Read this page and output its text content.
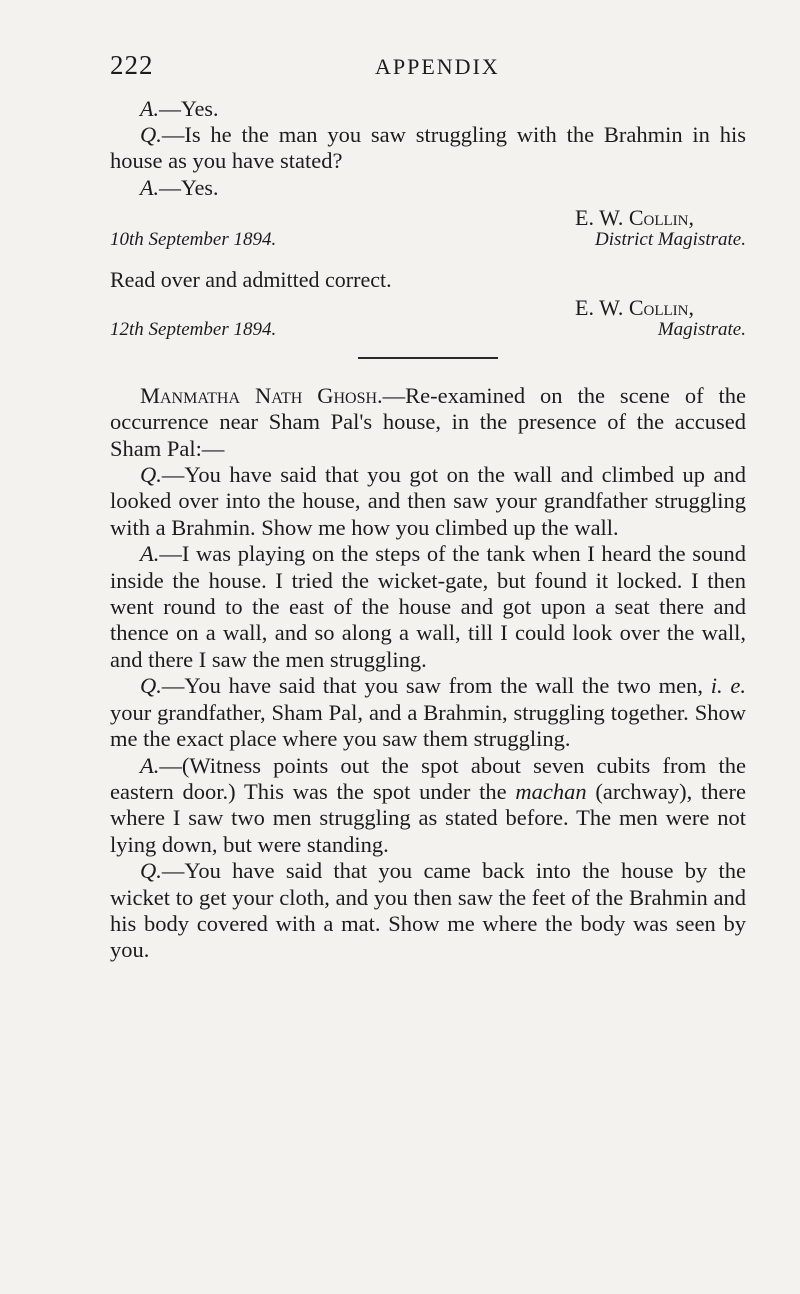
222	APPENDIX
A.—Yes.

Q.—Is he the man you saw struggling with the Brahmin in his house as you have stated?

A.—Yes.
E. W. Collin,
10th September 1894.	District Magistrate.
Read over and admitted correct.
E. W. Collin,
12th September 1894.	Magistrate.

Manmatha Nath Ghosh.—Re-examined on the scene of the occurrence near Sham Pal's house, in the presence of the accused Sham Pal:—

Q.—You have said that you got on the wall and climbed up and looked over into the house, and then saw your grandfather struggling with a Brahmin. Show me how you climbed up the wall.

A.—I was playing on the steps of the tank when I heard the sound inside the house. I tried the wicket-gate, but found it locked. I then went round to the east of the house and got upon a seat there and thence on a wall, and so along a wall, till I could look over the wall, and there I saw the men struggling.

Q.—You have said that you saw from the wall the two men, i. e. your grandfather, Sham Pal, and a Brahmin, struggling together. Show me the exact place where you saw them struggling.

A.—(Witness points out the spot about seven cubits from the eastern door.) This was the spot under the machan (archway), there where I saw two men struggling as stated before. The men were not lying down, but were standing.

Q.—You have said that you came back into the house by the wicket to get your cloth, and you then saw the feet of the Brahmin and his body covered with a mat. Show me where the body was seen by you.
